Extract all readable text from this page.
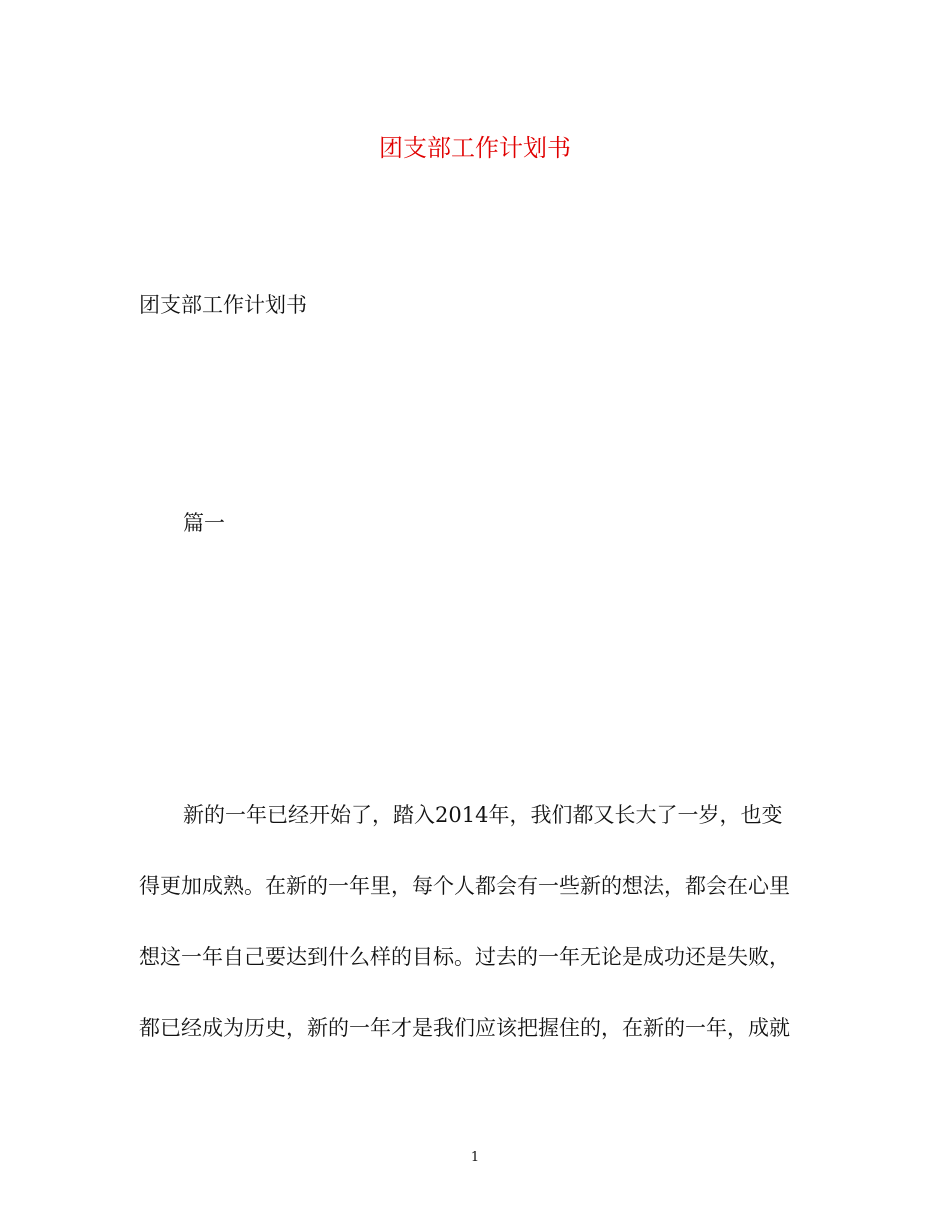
团支部工作计划书

团支部工作计划书

篇一

新的一年已经开始了，踏入2014年，我们都又长大了一岁，也变
得更加成熟。在新的一年里，每个人都会有一些新的想法，都会在心里
想这一年自己要达到什么样的目标。过去的一年无论是成功还是失败，
都已经成为历史，新的一年才是我们应该把握住的，在新的一年，成就
1
